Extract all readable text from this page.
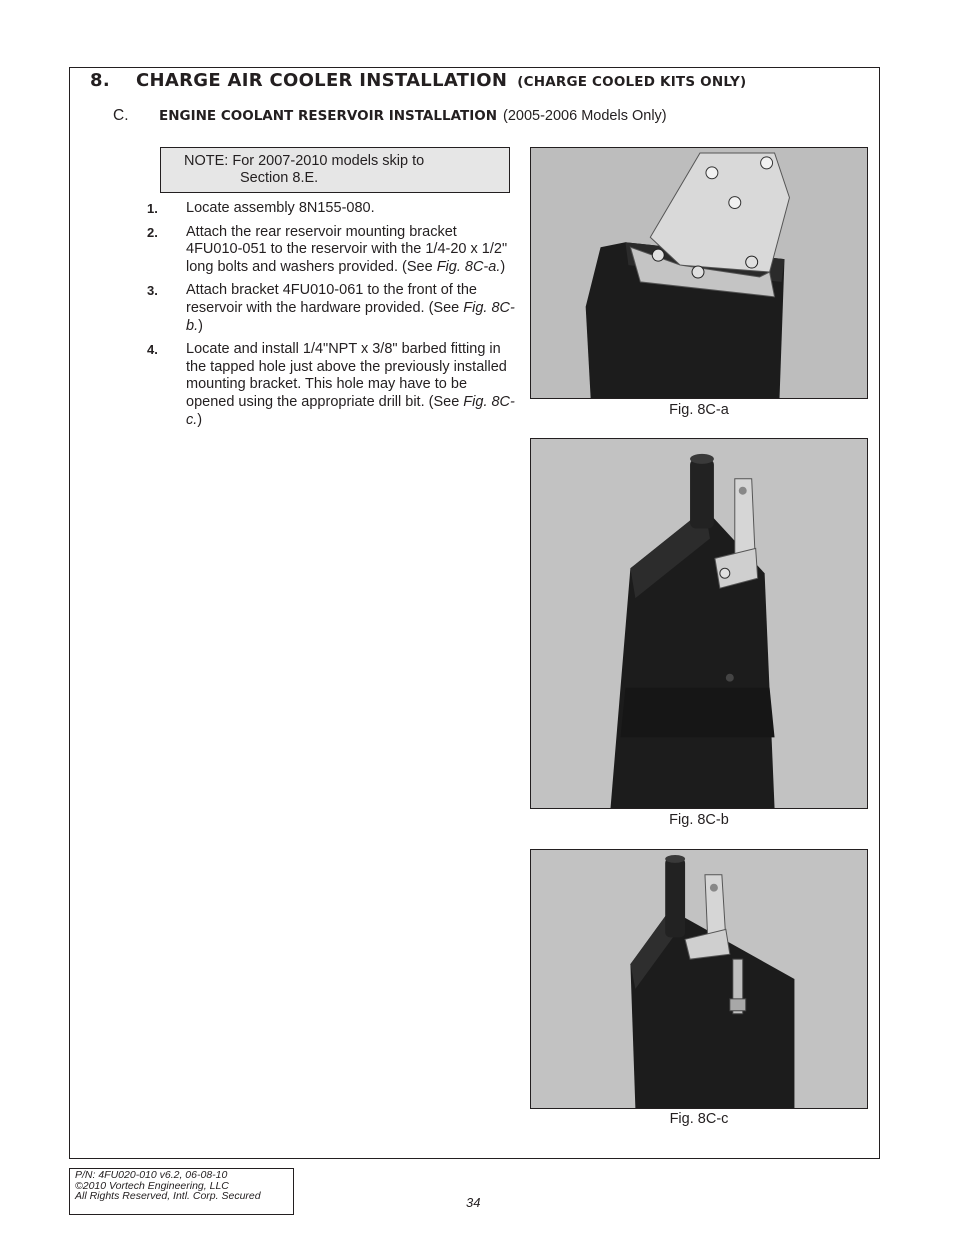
8. CHARGE AIR COOLER INSTALLATION (CHARGE COOLED KITS ONLY)
C. ENGINE COOLANT RESERVOIR INSTALLATION (2005-2006 Models Only)
NOTE: For 2007-2010 models skip to
Section 8.E.
1. Locate assembly 8N155-080.
2. Attach the rear reservoir mounting bracket 4FU010-051 to the reservoir with the 1/4-20 x 1/2" long bolts and washers provided. (See Fig. 8C-a.)
3. Attach bracket 4FU010-061 to the front of the reservoir with the hardware provided. (See Fig. 8C-b.)
4. Locate and install 1/4"NPT x 3/8" barbed fitting in the tapped hole just above the previously installed mounting bracket. This hole may have to be opened using the appropriate drill bit. (See Fig. 8C-c.)
Fig. 8C-a
Fig. 8C-b
Fig. 8C-c
P/N: 4FU020-010 v6.2, 06-08-10
©2010 Vortech Engineering, LLC
All Rights Reserved, Intl. Corp. Secured	34
